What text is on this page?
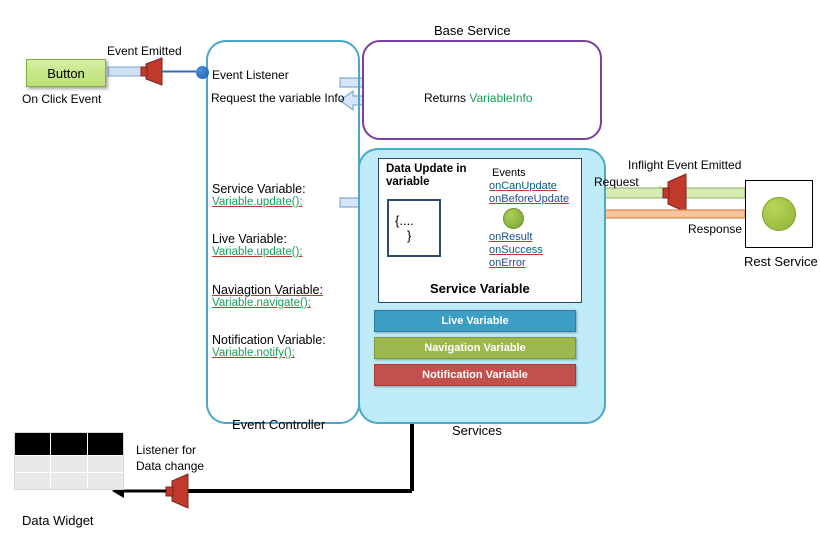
Button
On Click Event
Event Emitted
Event Listener
Request the variable Info
Event Controller
Service Variable:
Variable.update();
Live Variable:
Variable.update();
Naviagtion Variable:
Variable.navigate();
Notification Variable:
Variable.notify();
Base Service
Returns VariableInfo
Services
Data Update in variable
{....
}
Events
onCanUpdate
onBeforeUpdate
onResult
onSuccess
onError
Service Variable
Live Variable
Navigation Variable
Notification Variable
Rest Service
Inflight Event Emitted
Request
Response
Data Widget
Listener for
Data change
